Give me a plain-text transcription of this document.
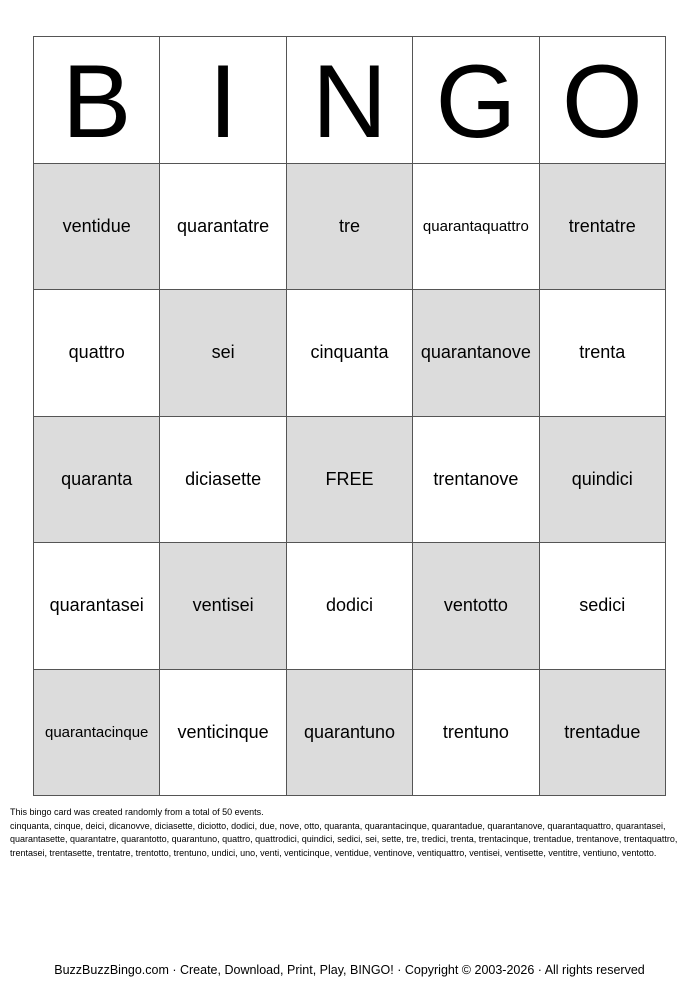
B I N G O
ventidue	quarantatre	tre	quarantaquattro	trentatre
quattro	sei	cinquanta	quarantanove	trenta
quaranta	diciasette	FREE	trentanove	quindici
quarantasei	ventisei	dodici	ventotto	sedici
quarantacinque	venticinque	quarantuno	trentuno	trentadue

This bingo card was created randomly from a total of 50 events.

cinquanta, cinque, deici, dicanovve, diciasette, diciotto, dodici, due, nove, otto, quaranta, quarantacinque, quarantadue, quarantanove, quarantaquattro, quarantasei, quarantasette, quarantatre, quarantotto, quarantuno, quattro, quattrodici, quindici, sedici, sei, sette, tre, tredici, trenta, trentacinque, trentadue, trentanove, trentaquattro, trentasei, trentasette, trentatre, trentotto, trentuno, undici, uno, venti, venticinque, ventidue, ventinove, ventiquattro, ventisei, ventisette, ventitre, ventiuno, ventotto.

BuzzBuzzBingo.com · Create, Download, Print, Play, BINGO! · Copyright © 2003-2026 · All rights reserved
